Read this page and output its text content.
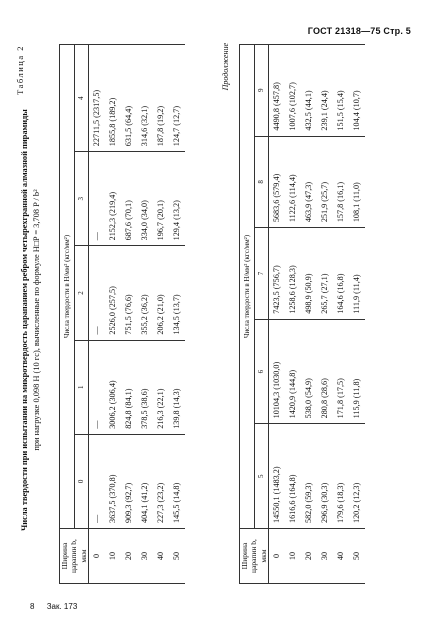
ГОСТ 21318—75 Стр. 5
Таблица 2
Числа твердости при испытании на микротвердость царапанием ребром четырехгранной алмазной пирамиды при нагрузке 0,098 Н (10 гс), вычисленные по формуле H□P = 3,708 P / b²
Ширина царапин b, мкм	Числа твердости в Н/мм² (кгс/мм²)				
	0	1	2	3	4
0	—	—	—	—	22711,5 (2317,5)
10	3637,5 (370,8)	3006,2 (306,4)	2526,0 (257,5)	2152,3 (219,4)	1855,8 (189,2)
20	909,3 (92,7)	824,8 (84,1)	751,5 (76,6)	687,6 (70,1)	631,5 (64,4)
30	404,1 (41,2)	378,5 (38,6)	355,2 (36,2)	334,0 (34,0)	314,6 (32,1)
40	227,3 (23,2)	216,3 (22,1)	206,2 (21,0)	196,7 (20,1)	187,8 (19,2)
50	145,5 (14,8)	139,8 (14,3)	134,5 (13,7)	129,4 (13,2)	124,7 (12,7)
Продолжение
Ширина царапин b, мкм	Числа твердости в Н/мм² (кгс/мм²)				
	5	6	7	8	9
0	14550,1 (1483,2)	10104,3 (1030,0)	7423,5 (756,7)	5683,6 (579,4)	4490,8 (457,8)
10	1616,6 (164,8)	1420,9 (144,8)	1258,6 (128,3)	1122,6 (114,4)	1007,6 (102,7)
20	582,0 (59,3)	538,0 (54,9)	498,9 (50,9)	463,9 (47,3)	432,5 (44,1)
30	296,9 (30,3)	280,8 (28,6)	265,7 (27,1)	251,9 (25,7)	239,1 (24,4)
40	179,6 (18,3)	171,8 (17,5)	164,6 (16,8)	157,8 (16,1)	151,5 (15,4)
50	120,2 (12,3)	115,9 (11,8)	111,9 (11,4)	108,1 (11,0)	104,4 (10,7)
8 Зак. 173
